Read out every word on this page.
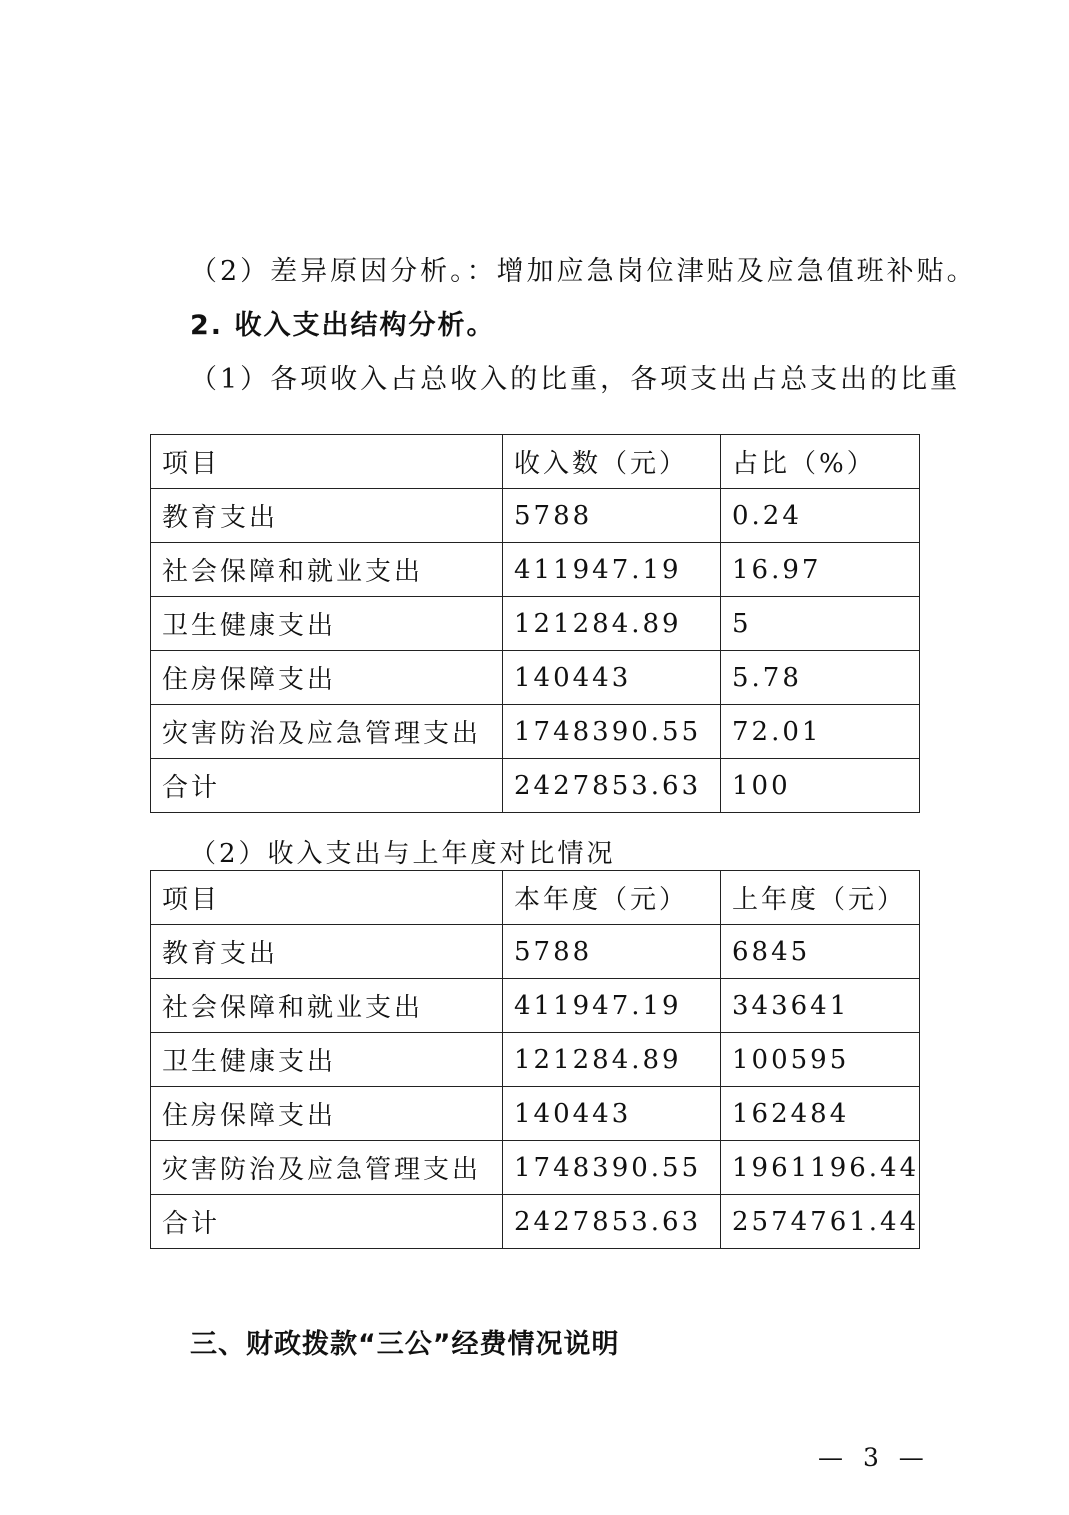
（2）差异原因分析。：增加应急岗位津贴及应急值班补贴。
2. 收入支出结构分析。
（1）各项收入占总收入的比重，各项支出占总支出的比重
项目	收入数（元）	占比（%）
教育支出	5788	0.24
社会保障和就业支出	411947.19	16.97
卫生健康支出	121284.89	5
住房保障支出	140443	5.78
灾害防治及应急管理支出	1748390.55	72.01
合计	2427853.63	100
（2）收入支出与上年度对比情况
项目	本年度（元）	上年度（元）
教育支出	5788	6845
社会保障和就业支出	411947.19	343641
卫生健康支出	121284.89	100595
住房保障支出	140443	162484
灾害防治及应急管理支出	1748390.55	1961196.44
合计	2427853.63	2574761.44
三、财政拨款“三公”经费情况说明
— 3 —
